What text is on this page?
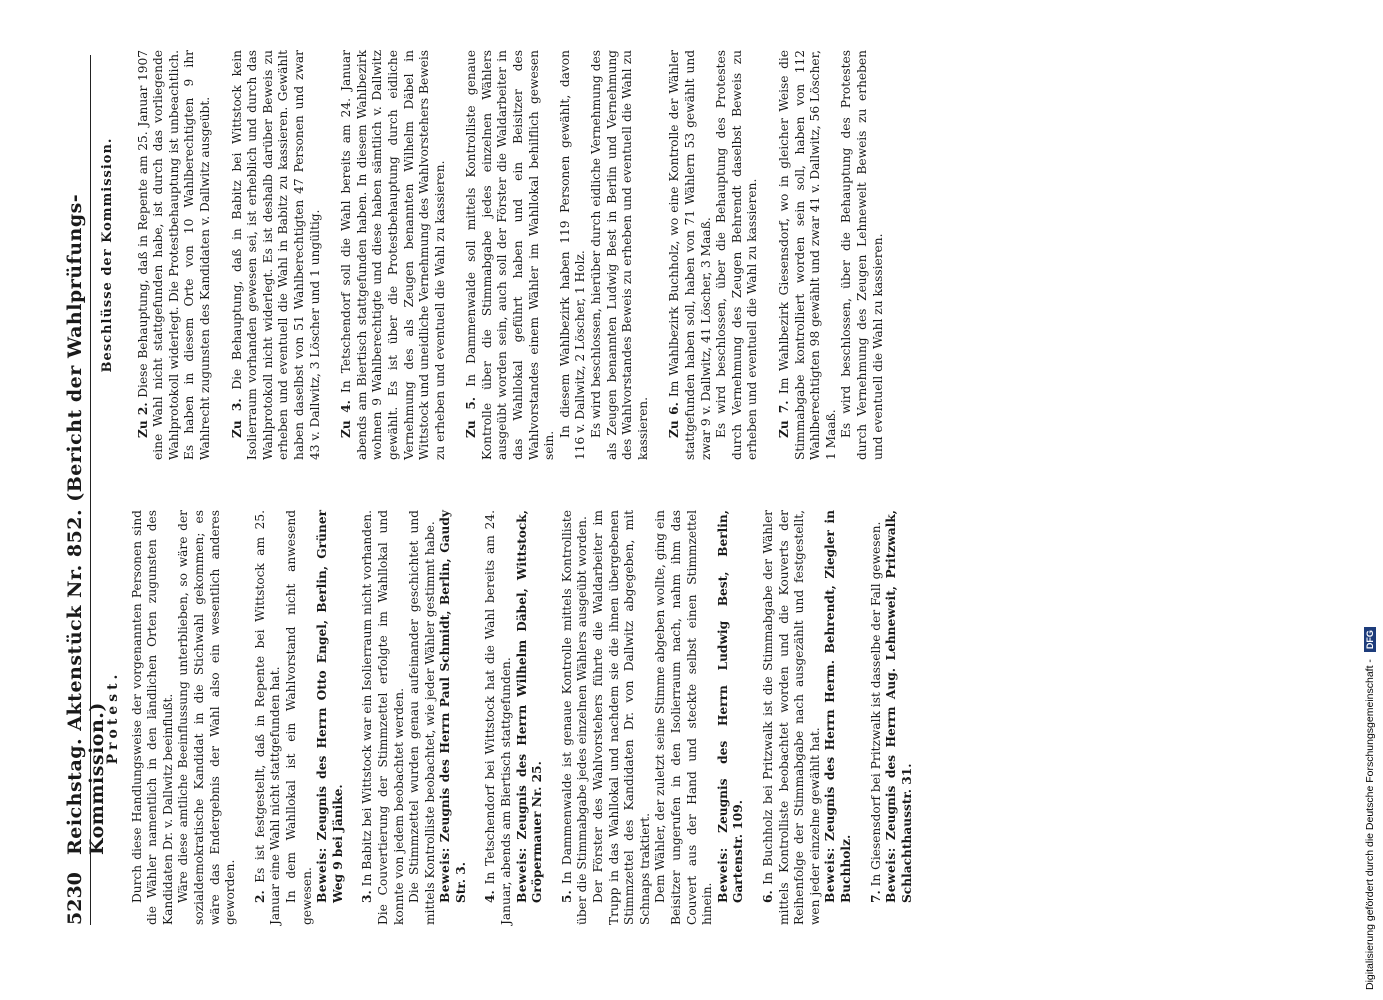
5230
Reichstag. Aktenstück Nr. 852. (Bericht der Wahlprüfungs-Kommission.)
Protest. Durch diese Handlungsweise der vorgenannten Personen sind die Wähler namentlich in den ländlichen Orten zugunsten des Kandidaten Dr. v. Dallwitz beeinflußt. Wäre diese amtliche Beeinflussung unterblieben, so wäre der sozialdemokratische Kandidat in die Stichwahl gekommen; es wäre das Endergebnis der Wahl also ein wesentlich anderes geworden. 2. Es ist festgestellt, daß in Repente bei Wittstock am 25. Januar eine Wahl nicht stattgefunden hat. In dem Wahllokal ist ein Wahlvorstand nicht anwesend gewesen. Beweis: Zeugnis des Herrn Otto Engel, Berlin, Grüner Weg 9 bei Jänike. 3. In Babitz bei Wittstock war ein Isolierraum nicht vorhanden. Die Couvertierung der Stimmzettel erfolgte im Wahllokal und konnte von jedem beobachtet werden. Die Stimmzettel wurden genau aufeinander geschichtet und mittels Kontrolliste beobachtet, wie jeder Wähler gestimmt habe. Beweis: Zeugnis des Herrn Paul Schmidt, Berlin, Gaudy Str. 3. 4. In Tetschendorf bei Wittstock hat die Wahl bereits am 24. Januar, abends am Biertisch stattgefunden. Beweis: Zeugnis des Herrn Wilhelm Däbel, Wittstock, Gröpermauer Nr. 25. 5. In Dammenwalde ist genaue Kontrolle mittels Kontrolliste über die Stimmabgabe jedes einzelnen Wählers ausgeübt worden. Der Förster des Wahlvorstehers führte die Waldarbeiter im Trupp in das Wahllokal und nachdem sie die ihnen übergebenen Stimmzettel des Kandidaten Dr. von Dallwitz abgegeben, mit Schnaps traktiert. Dem Wähler, der zuletzt seine Stimme abgeben wollte, ging ein Beisitzer ungerufen in den Isolierraum nach, nahm ihm das Couvert aus der Hand und steckte selbst einen Stimmzettel hinein.

Beweis: Zeugnis des Herrn Ludwig Best, Berlin, Gartenstr. 109. 6. In Buchholz bei Pritzwalk ist die Stimmabgabe der Wähler mittels Kontrolliste beobachtet worden und die Kouverts der Reihenfolge der Stimmabgabe nach ausgezählt und festgestellt, wen jeder einzelne gewählt hat. Beweis: Zeugnis des Herrn Herm. Behrendt, Ziegler in Buchholz. 7. In Giesensdorf bei Pritzwalk ist dasselbe der Fall gewesen. Beweis: Zeugnis des Herrn Aug. Lehneweit, Pritzwalk, Schlachthausstr. 31.
Beschlüsse der Kommission.

Zu 2. Diese Behauptung, daß in Repente am 25. Januar 1907 eine Wahl nicht stattgefunden habe, ist durch das vorliegende Wahlprotokoll widerlegt. Die Protestbehauptung ist unbeachtlich. Es haben in diesem Orte von 10 Wahlberechtigten 9 ihr Wahlrecht zugunsten des Kandidaten v. Dallwitz ausgeübt. Zu 3. Die Behauptung, daß in Babitz bei Wittstock kein Isolierraum vorhanden gewesen sei, ist erheblich und durch das Wahlprotokoll nicht widerlegt. Es ist deshalb darüber Beweis zu erheben und eventuell die Wahl in Babitz zu kassieren. Gewählt haben daselbst von 51 Wahlberechtigten 47 Personen und zwar 43 v. Dallwitz, 3 Löscher und 1 ungültig. Zu 4. In Tetschendorf soll die Wahl bereits am 24. Januar abends am Biertisch stattgefunden haben. In diesem Wahlbezirk wohnen 9 Wahlberechtigte und diese haben sämtlich v. Dallwitz gewählt. Es ist über die Protestbehauptung durch eidliche Vernehmung des als Zeugen benannten Wilhelm Däbel in Wittstock und uneidliche Vernehmung des Wahlvorstehers Beweis zu erheben und eventuell die Wahl zu kassieren. Zu 5. In Dammenwalde soll mittels Kontrolliste genaue Kontrolle über die Stimmabgabe jedes einzelnen Wählers ausgeübt worden sein, auch soll der Förster die Waldarbeiter in das Wahllokal geführt haben und ein Beisitzer des Wahlvorstandes einem Wähler im Wahllokal behilflich gewesen sein.

In diesem Wahlbezirk haben 119 Personen gewählt, davon 116 v. Dallwitz, 2 Löscher, 1 Holz. Es wird beschlossen, hierüber durch eidliche Vernehmung des als Zeugen benannten Ludwig Best in Berlin und Vernehmung des Wahlvorstandes Beweis zu erheben und eventuell die Wahl zu kassieren. Zu 6. Im Wahlbezirk Buchholz, wo eine Kontrolle der Wähler stattgefunden haben soll, haben von 71 Wählern 53 gewählt und zwar 9 v. Dallwitz, 41 Löscher, 3 Maaß. Es wird beschlossen, über die Behauptung des Protestes durch Vernehmung des Zeugen Behrendt daselbst Beweis zu erheben und eventuell die Wahl zu kassieren. Zu 7. Im Wahlbezirk Giesensdorf, wo in gleicher Weise die Stimmabgabe kontrolliert worden sein soll, haben von 112 Wahlberechtigten 98 gewählt und zwar 41 v. Dallwitz, 56 Löscher, 1 Maaß. Es wird beschlossen, über die Behauptung des Protestes durch Vernehmung des Zeugen Lehnewelt Beweis zu erheben und eventuell die Wahl zu kassieren.

Digitalisierung gefördert durch die Deutsche Forschungsgemeinschaft - DFG
